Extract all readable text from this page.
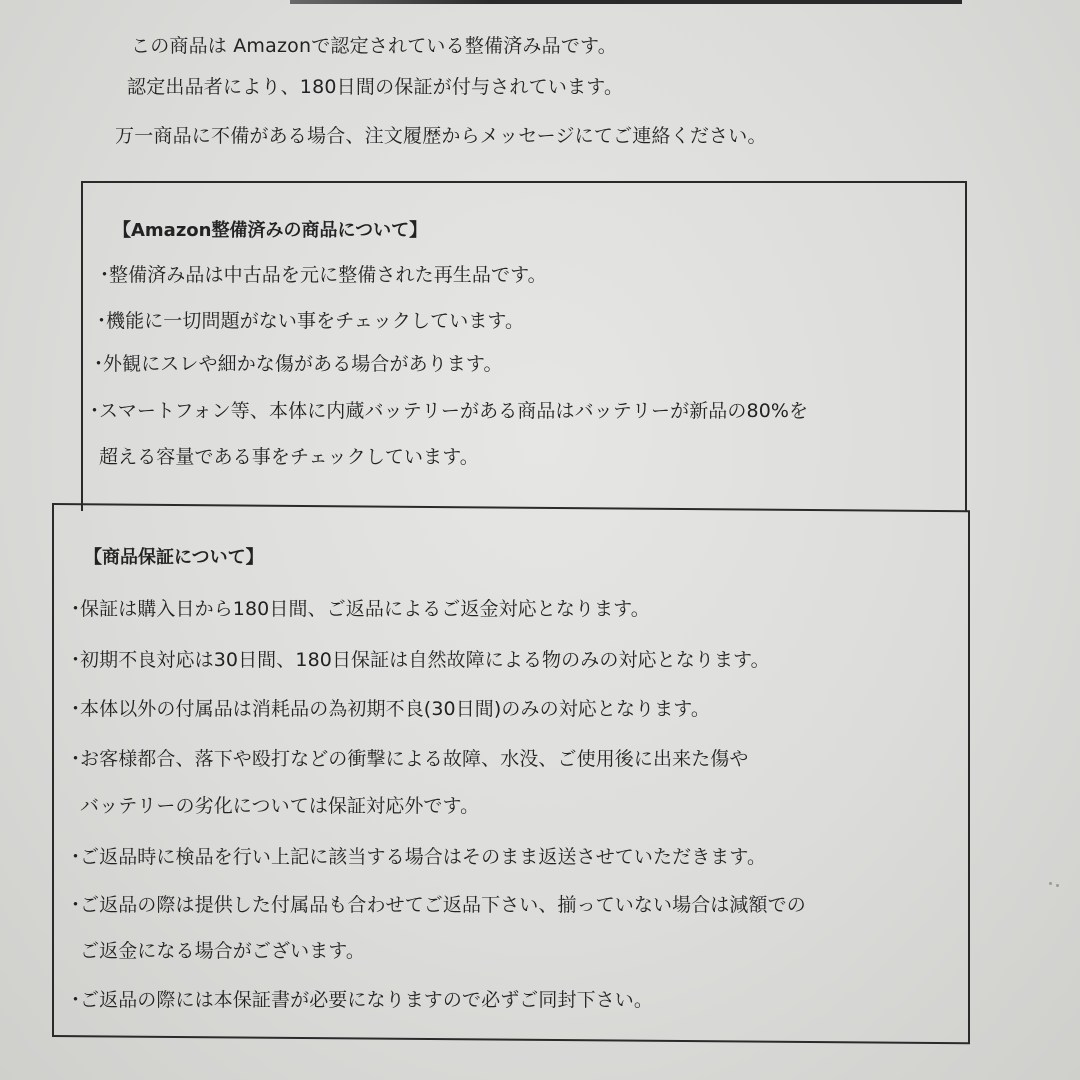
この商品は Amazonで認定されている整備済み品です。
認定出品者により、180日間の保証が付与されています。
万一商品に不備がある場合、注文履歴からメッセージにてご連絡ください。
【Amazon整備済みの商品について】
・整備済み品は中古品を元に整備された再生品です。
・機能に一切問題がない事をチェックしています。
・外観にスレや細かな傷がある場合があります。
・スマートフォン等、本体に内蔵バッテリーがある商品はバッテリーが新品の80%を
超える容量である事をチェックしています。
【商品保証について】
・保証は購入日から180日間、ご返品によるご返金対応となります。
・初期不良対応は30日間、180日保証は自然故障による物のみの対応となります。
・本体以外の付属品は消耗品の為初期不良(30日間)のみの対応となります。
・お客様都合、落下や殴打などの衝撃による故障、水没、ご使用後に出来た傷や
バッテリーの劣化については保証対応外です。
・ご返品時に検品を行い上記に該当する場合はそのまま返送させていただきます。
・ご返品の際は提供した付属品も合わせてご返品下さい、揃っていない場合は減額での
ご返金になる場合がございます。
・ご返品の際には本保証書が必要になりますので必ずご同封下さい。
